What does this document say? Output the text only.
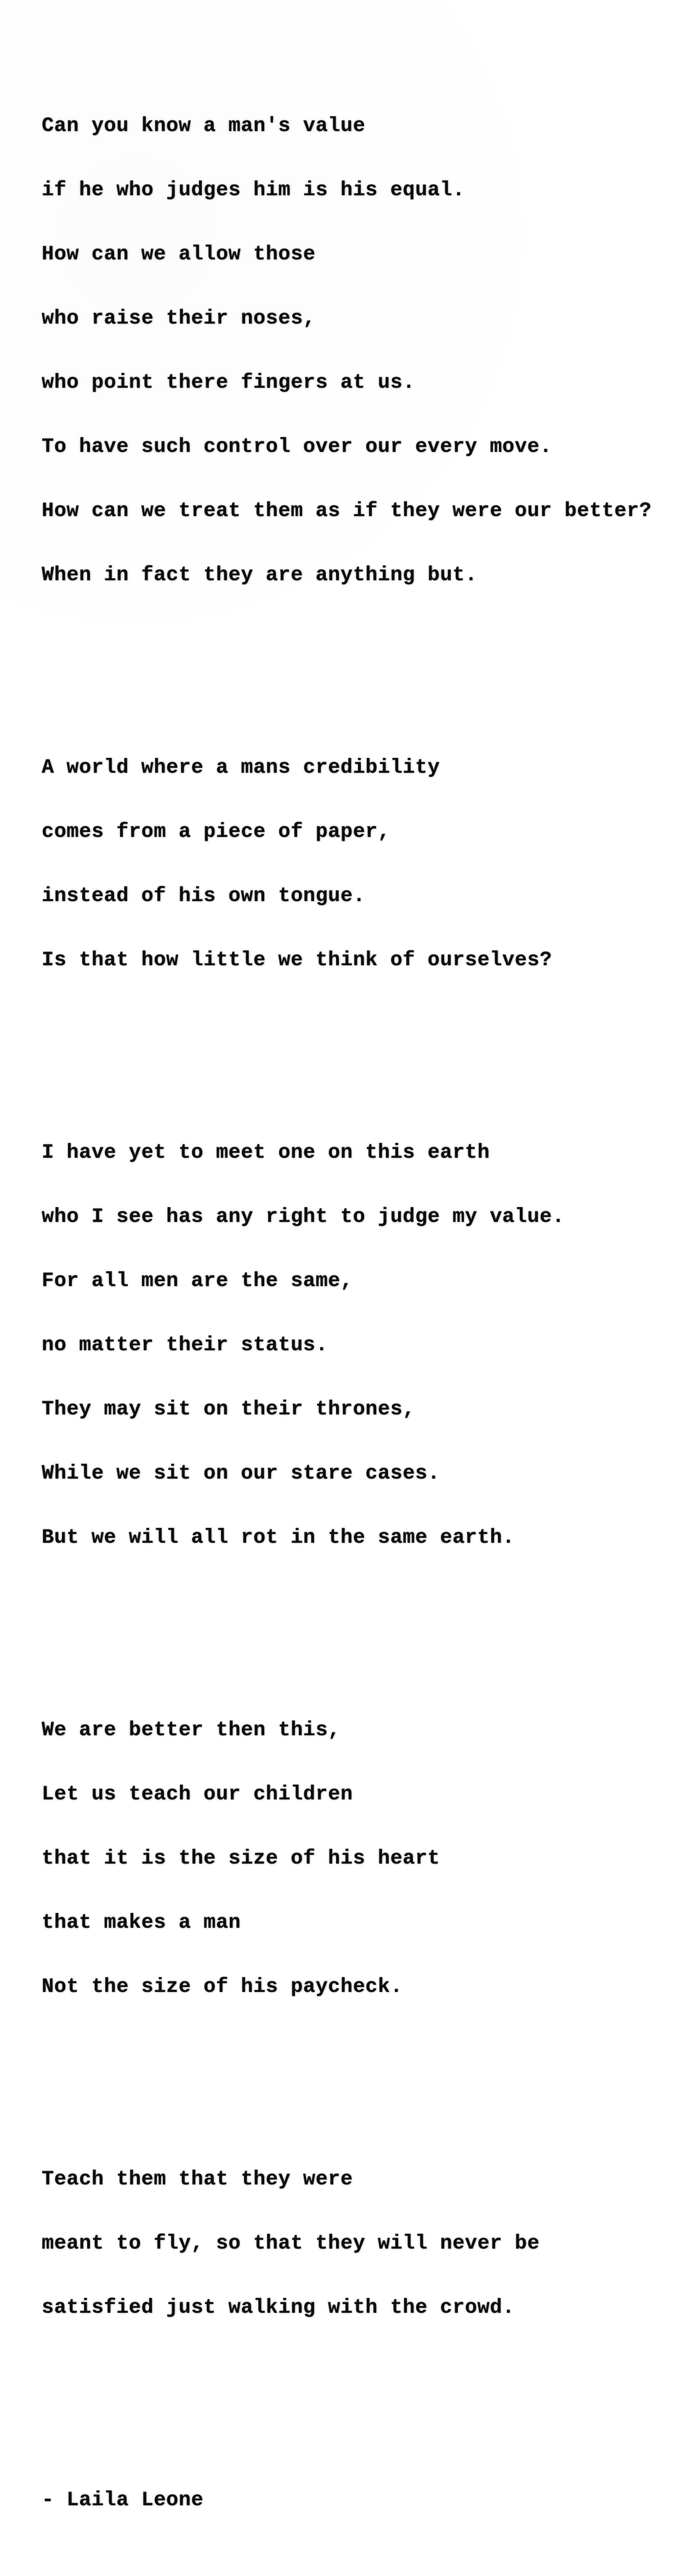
Can you know a man's value

if he who judges him is his equal.

How can we allow those

who raise their noses,

who point there fingers at us.

To have such control over our every move.

How can we treat them as if they were our better?

When in fact they are anything but.

A world where a mans credibility

comes from a piece of paper,

instead of his own tongue.

Is that how little we think of ourselves?

I have yet to meet one on this earth

who I see has any right to judge my value.

For all men are the same,

no matter their status.

They may sit on their thrones,

While we sit on our stare cases.

But we will all rot in the same earth.

We are better then this,

Let us teach our children

that it is the size of his heart

that makes a man

Not the size of his paycheck.

Teach them that they were

meant to fly, so that they will never be

satisfied just walking with the crowd.

- Laila Leone
